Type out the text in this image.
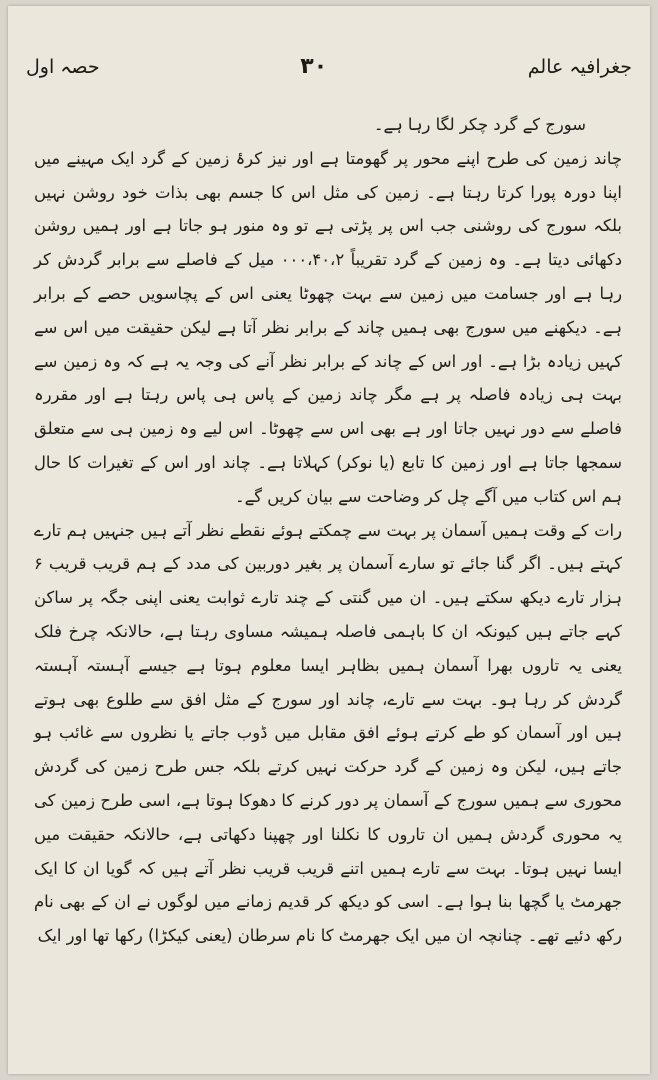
جغرافیہ عالم
۳۰
حصہ اول

سورج کے گرد چکر لگا رہا ہے۔

چاند زمین کی طرح اپنے محور پر گھومتا ہے اور نیز کرۂ زمین کے گرد ایک مہینے میں اپنا دورہ پورا کرتا رہتا ہے۔ زمین کی مثل اس کا جسم بھی بذات خود روشن نہیں بلکہ سورج کی روشنی جب اس پر پڑتی ہے تو وہ منور ہو جاتا ہے اور ہمیں روشن دکھائی دیتا ہے۔ وہ زمین کے گرد تقریباً ۰۰۰،۴۰،۲ میل کے فاصلے سے برابر گردش کر رہا ہے اور جسامت میں زمین سے بہت چھوٹا یعنی اس کے پچاسویں حصے کے برابر ہے۔ دیکھنے میں سورج بھی ہمیں چاند کے برابر نظر آتا ہے لیکن حقیقت میں اس سے کہیں زیادہ بڑا ہے۔ اور اس کے چاند کے برابر نظر آنے کی وجہ یہ ہے کہ وہ زمین سے بہت ہی زیادہ فاصلہ پر ہے مگر چاند زمین کے پاس ہی پاس رہتا ہے اور مقررہ فاصلے سے دور نہیں جاتا اور ہے بھی اس سے چھوٹا۔ اس لیے وہ زمین ہی سے متعلق سمجھا جاتا ہے اور زمین کا تابع (یا نوکر) کہلاتا ہے۔ چاند اور اس کے تغیرات کا حال ہم اس کتاب میں آگے چل کر وضاحت سے بیان کریں گے۔

رات کے وقت ہمیں آسمان پر بہت سے چمکتے ہوئے نقطے نظر آتے ہیں جنہیں ہم تارے کہتے ہیں۔ اگر گنا جائے تو سارے آسمان پر بغیر دوربین کی مدد کے ہم قریب قریب ۶ ہزار تارے دیکھ سکتے ہیں۔ ان میں گنتی کے چند تارے ثوابت یعنی اپنی جگہ پر ساکن کہے جاتے ہیں کیونکہ ان کا باہمی فاصلہ ہمیشہ مساوی رہتا ہے، حالانکہ چرخ فلک یعنی یہ تاروں بھرا آسمان ہمیں بظاہر ایسا معلوم ہوتا ہے جیسے آہستہ آہستہ گردش کر رہا ہو۔ بہت سے تارے، چاند اور سورج کے مثل افق سے طلوع بھی ہوتے ہیں اور آسمان کو طے کرتے ہوئے افق مقابل میں ڈوب جاتے یا نظروں سے غائب ہو جاتے ہیں، لیکن وہ زمین کے گرد حرکت نہیں کرتے بلکہ جس طرح زمین کی گردش محوری سے ہمیں سورج کے آسمان پر دور کرنے کا دھوکا ہوتا ہے، اسی طرح زمین کی یہ محوری گردش ہمیں ان تاروں کا نکلنا اور چھپنا دکھاتی ہے، حالانکہ حقیقت میں ایسا نہیں ہوتا۔ بہت سے تارے ہمیں اتنے قریب قریب نظر آتے ہیں کہ گویا ان کا ایک جھرمٹ یا گچھا بنا ہوا ہے۔ اسی کو دیکھ کر قدیم زمانے میں لوگوں نے ان کے بھی نام رکھ دئیے تھے۔ چنانچہ ان میں ایک جھرمٹ کا نام سرطان (یعنی کیکڑا) رکھا تھا اور ایک
